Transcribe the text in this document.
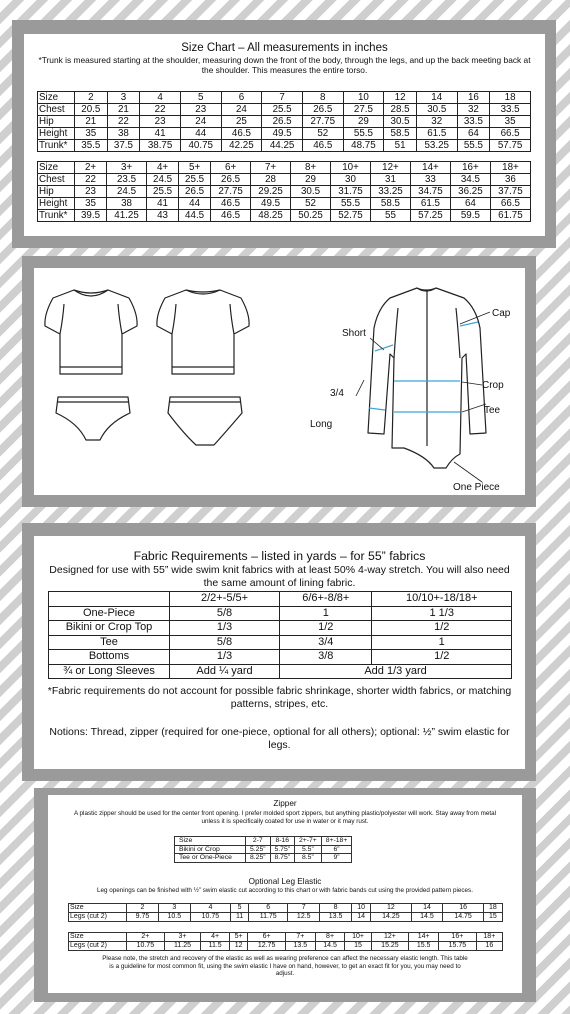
Size Chart – All measurements in inches
*Trunk is measured starting at the shoulder, measuring down the front of the body, through the legs, and up the back meeting back at the shoulder. This measures the entire torso.
Size	2	3	4	5	6	7	8	10	12	14	16	18
Chest	20.5	21	22	23	24	25.5	26.5	27.5	28.5	30.5	32	33.5
Hip	21	22	23	24	25	26.5	27.75	29	30.5	32	33.5	35
Height	35	38	41	44	46.5	49.5	52	55.5	58.5	61.5	64	66.5
Trunk*	35.5	37.5	38.75	40.75	42.25	44.25	46.5	48.75	51	53.25	55.5	57.75
Size	2+	3+	4+	5+	6+	7+	8+	10+	12+	14+	16+	18+
Chest	22	23.5	24.5	25.5	26.5	28	29	30	31	33	34.5	36
Hip	23	24.5	25.5	26.5	27.75	29.25	30.5	31.75	33.25	34.75	36.25	37.75
Height	35	38	41	44	46.5	49.5	52	55.5	58.5	61.5	64	66.5
Trunk*	39.5	41.25	43	44.5	46.5	48.25	50.25	52.75	55	57.25	59.5	61.75
Cap
Short
3/4
Long
Crop
Tee
One Piece
Fabric Requirements – listed in yards – for 55” fabrics
Designed for use with 55” wide swim knit fabrics with at least 50% 4-way stretch. You will also need the same amount of lining fabric.
	2/2+-5/5+	6/6+-8/8+	10/10+-18/18+
One-Piece	5/8	1	1 1/3
Bikini or Crop Top	1/3	1/2	1/2
Tee	5/8	3/4	1
Bottoms	1/3	3/8	1/2
¾ or Long Sleeves	Add ¼ yard	Add 1/3 yard	
*Fabric requirements do not account for possible fabric shrinkage, shorter width fabrics, or matching patterns, stripes, etc.
Notions: Thread, zipper (required for one-piece, optional for all others); optional: ½” swim elastic for legs.
Zipper
A plastic zipper should be used for the center front opening. I prefer molded sport zippers, but anything plastic/polyester will work. Stay away from metal unless it is specifically coated for use in water or it may rust.
Size	2-7	8-16	2+-7+	8+-18+
Bikini or Crop	5.25”	5.75”	5.5”	6”
Tee or One-Piece	8.25”	8.75”	8.5”	9”
Optional Leg Elastic
Leg openings can be finished with ½” swim elastic cut according to this chart or with fabric bands cut using the provided pattern pieces.
Size	2	3	4	5	6	7	8	10	12	14	16	18
Legs (cut 2)	9.75	10.5	10.75	11	11.75	12.5	13.5	14	14.25	14.5	14.75	15
Size	2+	3+	4+	5+	6+	7+	8+	10+	12+	14+	16+	18+
Legs (cut 2)	10.75	11.25	11.5	12	12.75	13.5	14.5	15	15.25	15.5	15.75	16
Please note, the stretch and recovery of the elastic as well as wearing preference can affect the necessary elastic length. This table is a guideline for most common fit, using the swim elastic I have on hand, however, to get an exact fit for you, you may need to adjust.
